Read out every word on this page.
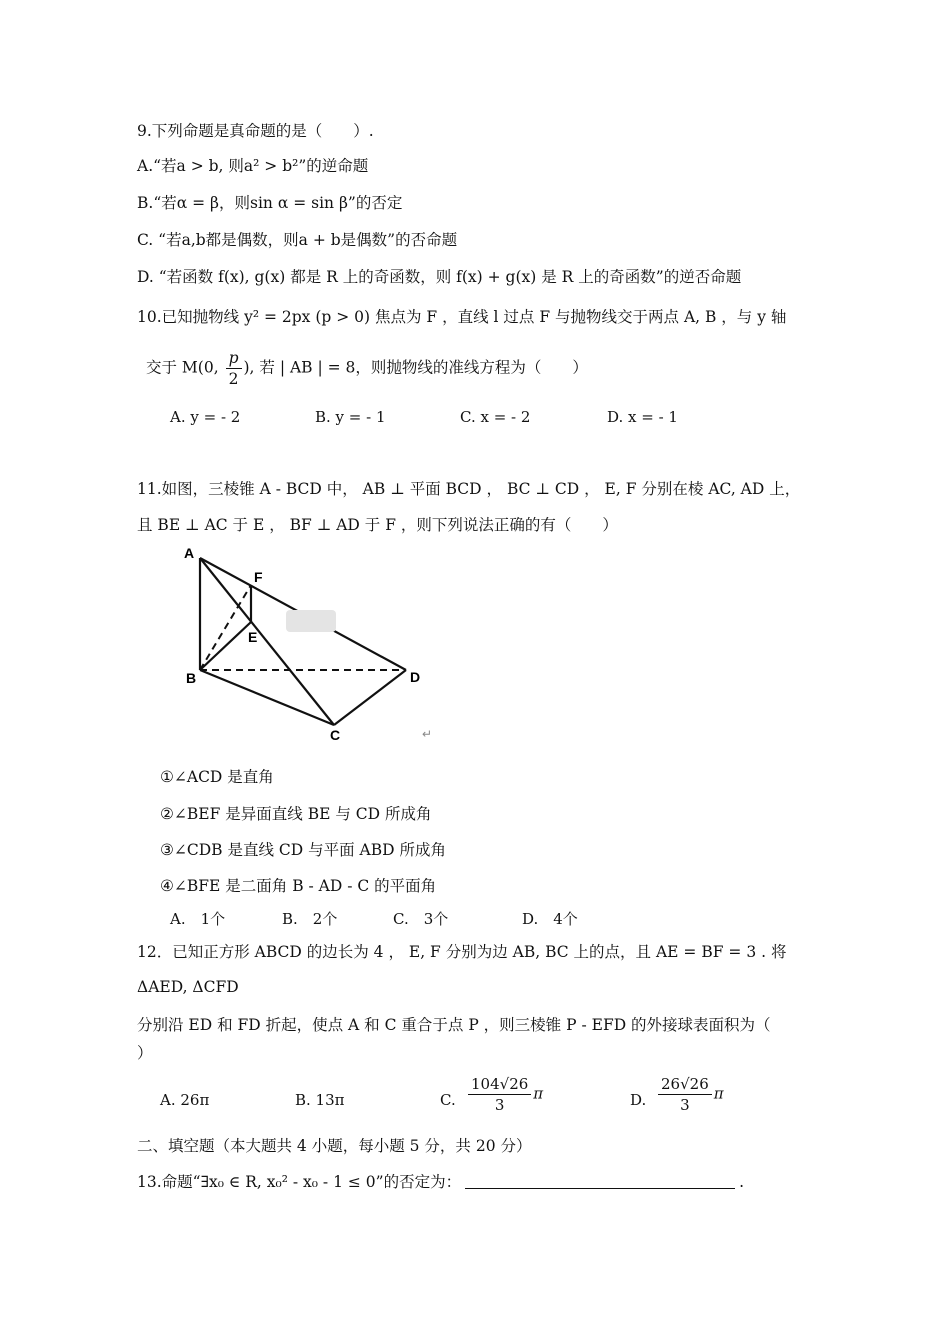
9.下列命题是真命题的是（　　）.
A.“若a > b, 则a² > b²”的逆命题
B.“若α = β，则sin α = sin β”的否定
C. “若a,b都是偶数，则a + b是偶数”的否命题
D. “若函数 f(x), g(x) 都是 R 上的奇函数，则 f(x) + g(x) 是 R 上的奇函数”的逆否命题
10.已知抛物线 y² = 2px (p > 0) 焦点为 F ，直线 l 过点 F 与抛物线交于两点 A, B ，与 y 轴
交于 M(0, $\frac{p}{2}$ ), 若 | AB | = 8，则抛物线的准线方程为（　　）
A. y = - 2	B. y = - 1	C. x = - 2	D. x = - 1
11.如图，三棱锥 A - BCD 中， AB ⊥ 平面 BCD ， BC ⊥ CD ， E, F 分别在棱 AC, AD 上，
且 BE ⊥ AC 于 E ， BF ⊥ AD 于 F ，则下列说法正确的有（　　）
A
F
E
B	D
C	↵
①∠ACD 是直角
②∠BEF 是异面直线 BE 与 CD 所成角
③∠CDB 是直线 CD 与平面 ABD 所成角
④∠BFE 是二面角 B - AD - C 的平面角
A.　1个	B.　2个	C.　3个	D.　4个
12．已知正方形 ABCD 的边长为 4 ， E, F 分别为边 AB, BC 上的点，且 AE = BF = 3 . 将
ΔAED, ΔCFD
分别沿 ED 和 FD 折起，使点 A 和 C 重合于点 P ，则三棱锥 P - EFD 的外接球表面积为（
）
A. 26π	B. 13π	C. $\frac{104√26}{3}$ π	D. $\frac{26√26}{3}$ π
二、填空题（本大题共 4 小题，每小题 5 分，共 20 分）
13.命题“∃x₀ ∈ R, x₀² - x₀ - 1 ≤ 0”的否定为：	.
